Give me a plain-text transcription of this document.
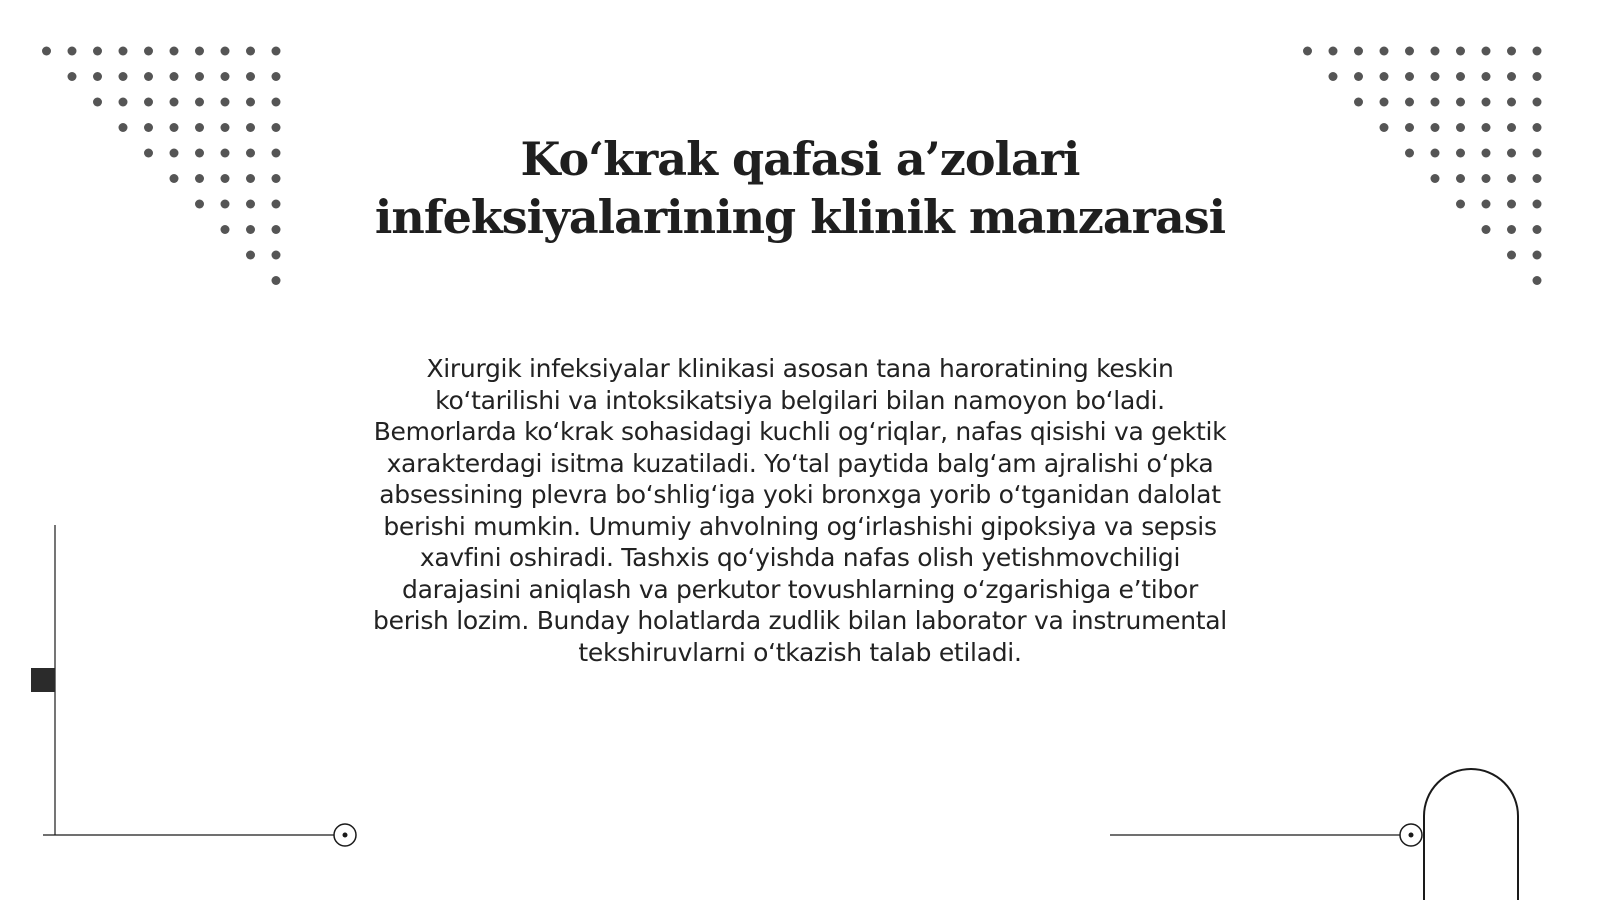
Ko‘krak qafasi a’zolari
infeksiyalarining klinik manzarasi

Xirurgik infeksiyalar klinikasi asosan tana haroratining keskin ko‘tarilishi va intoksikatsiya belgilari bilan namoyon bo‘ladi. Bemorlarda ko‘krak sohasidagi kuchli og‘riqlar, nafas qisishi va gektik xarakterdagi isitma kuzatiladi. Yo‘tal paytida balg‘am ajralishi o‘pka absessining plevra bo‘shlig‘iga yoki bronxga yorib o‘tganidan dalolat berishi mumkin. Umumiy ahvolning og‘irlashishi gipoksiya va sepsis xavfini oshiradi. Tashxis qo‘yishda nafas olish yetishmovchiligi darajasini aniqlash va perkutor tovushlarning o‘zgarishiga e’tibor berish lozim. Bunday holatlarda zudlik bilan laborator va instrumental tekshiruvlarni o‘tkazish talab etiladi.
